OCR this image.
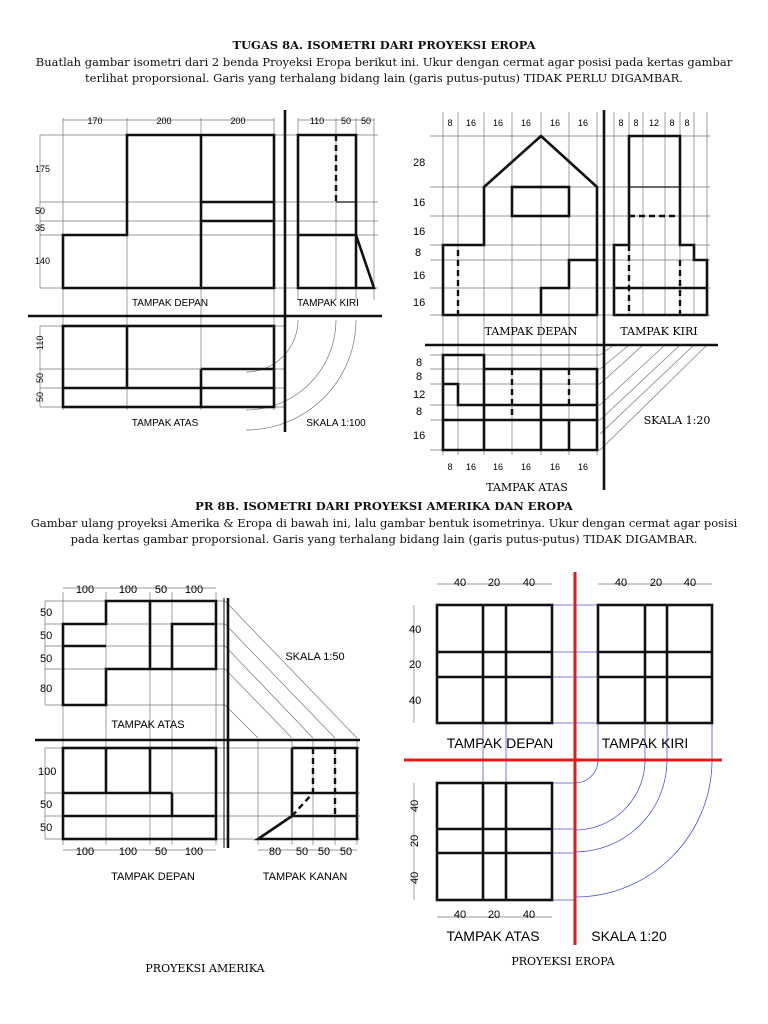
TUGAS 8A. ISOMETRI DARI PROYEKSI EROPA
Buatlah gambar isometri dari 2 benda Proyeksi Eropa berikut ini. Ukur dengan cermat agar posisi pada kertas gambar terlihat proporsional. Garis yang terhalang bidang lain (garis putus-putus) TIDAK PERLU DIGAMBAR.
PR 8B. ISOMETRI DARI PROYEKSI AMERIKA DAN EROPA
Gambar ulang proyeksi Amerika & Eropa di bawah ini, lalu gambar bentuk isometrinya. Ukur dengan cermat agar posisi pada kertas gambar proporsional. Garis yang terhalang bidang lain (garis putus-putus) TIDAK DIGAMBAR.
170	200	200	110 50 50
175
50
35
140
110
50
50
TAMPAK DEPAN	TAMPAK KIRI
TAMPAK ATAS	SKALA 1:100
8 16 16 16 16 16	8 8 12 8 8
28
16
16
8
16
16
8
8
12
8
16
8 16 16 16 16 16
TAMPAK DEPAN	TAMPAK KIRI
TAMPAK ATAS
SKALA 1:20
100 100 50 100
50
50
50
80
100
50
50
100 100 50 100	80 50 50 50
TAMPAK ATAS
TAMPAK DEPAN	TAMPAK KANAN
SKALA 1:50
PROYEKSI AMERIKA
40 20 40	40 20 40
40
20
40
40
20
40
40 20 40
TAMPAK DEPAN	TAMPAK KIRI
TAMPAK ATAS	SKALA 1:20
PROYEKSI EROPA
